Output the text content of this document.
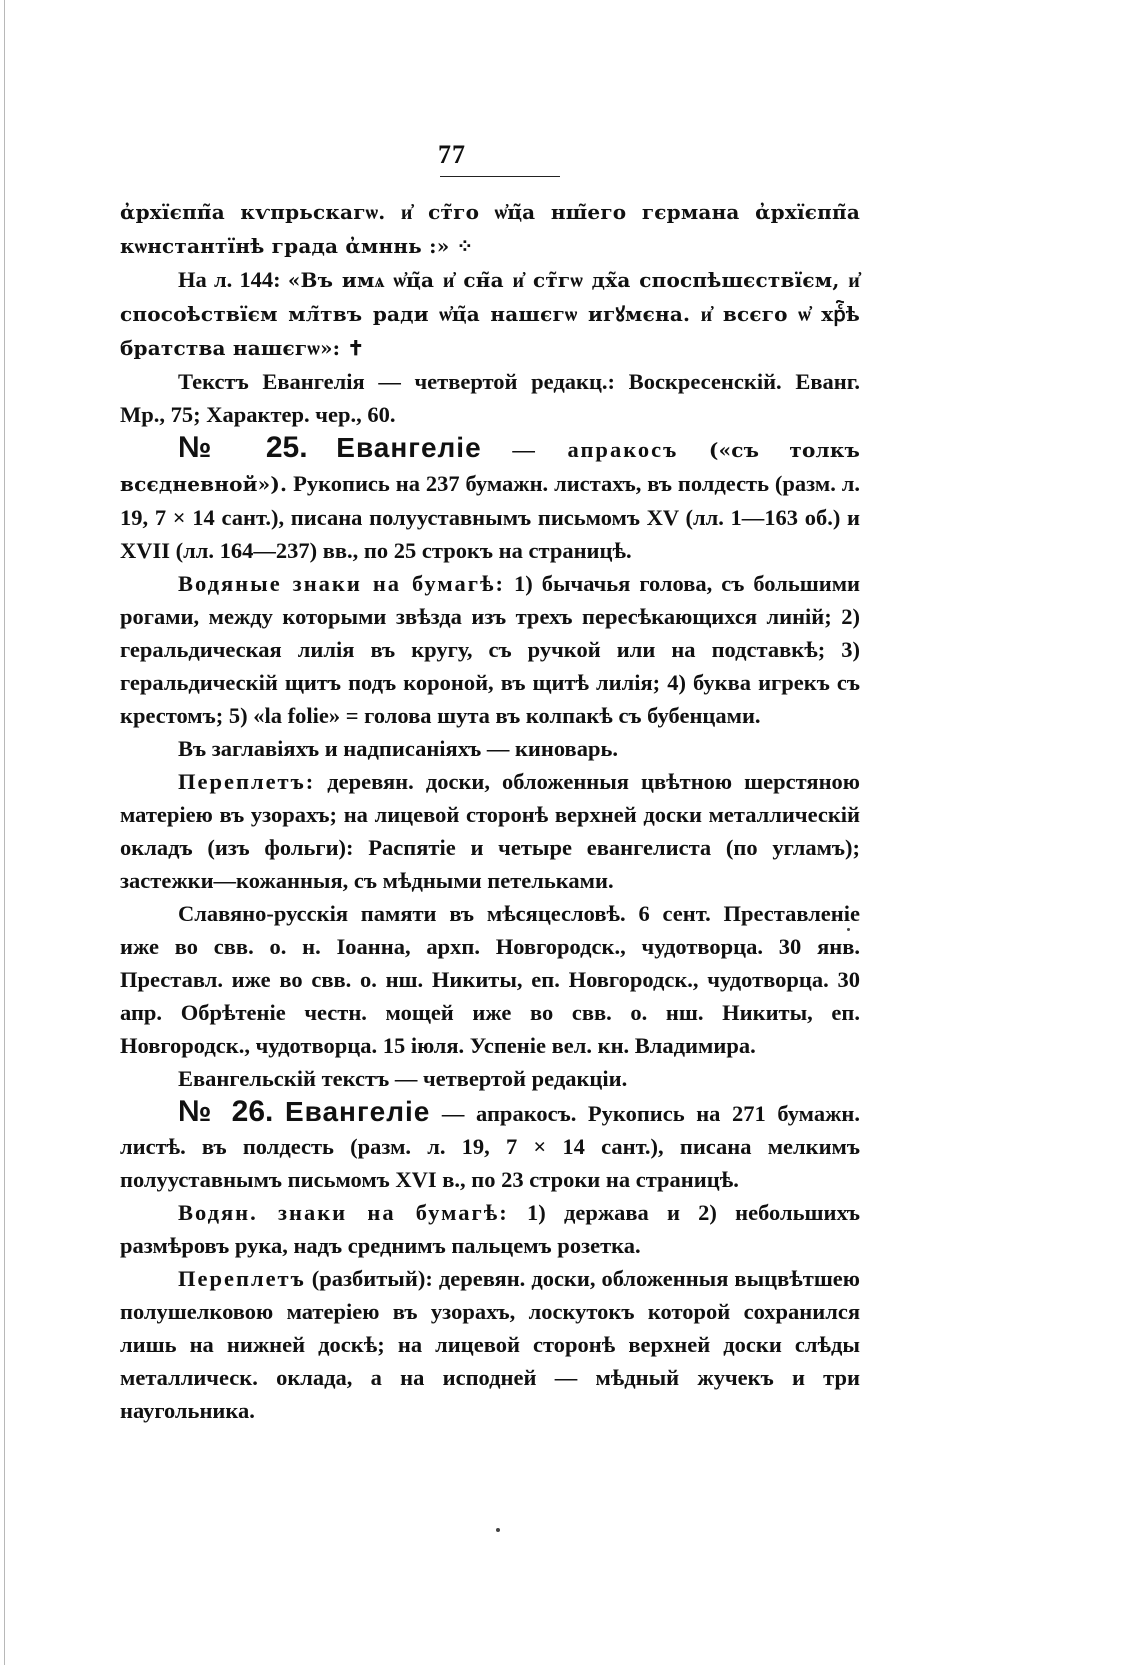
77

ἀрхїєпп̃а кѵпрьскагѡ. и҆ ст̃го ѡ҆ц̃а нш̃его гєрмана ἀрхїєпп̃а кѡнстантїнѣ града ἀмннь :» ⁘

На л. 144: «Въ имѧ ѡ҆ц̃а и҆ сн̃а и҆ ст̃гѡ дх̃а споспѣшєствїєм, и҆ спосоѣствїєм мл̃твъ ради ѡ҆ц̃а нашєгѡ игꙋмєна. и҆ всєго ѡ҆ хрⷭ҇ѣ братства нашєгѡ»: ✝

Текстъ Евангелія — четвертой редакц.: Воскресенскій. Еванг. Мр., 75; Характер. чер., 60.

№ 25. Евангеліе — апракосъ («съ толкъ всєдневной»). Рукопись на 237 бумажн. листахъ, въ полдесть (разм. л. 19, 7 × 14 сант.), писана полууставнымъ письмомъ XV (лл. 1—163 об.) и XVII (лл. 164—237) вв., по 25 строкъ на страницѣ.

Водяные знаки на бумагѣ: 1) бычачья голова, съ большими рогами, между которыми звѣзда изъ трехъ пересѣкающихся линій; 2) геральдическая лилія въ кругу, съ ручкой или на подставкѣ; 3) геральдическій щитъ подъ короной, въ щитѣ лилія; 4) буква игрекъ съ крестомъ; 5) «la folie» = голова шута въ колпакѣ съ бубенцами.

Въ заглавіяхъ и надписаніяхъ — киноварь.

Переплетъ: деревян. доски, обложенныя цвѣтною шерстяною матеріею въ узорахъ; на лицевой сторонѣ верхней доски металлическій окладъ (изъ фольги): Распятіе и четыре евангелиста (по угламъ); застежки—кожанныя, съ мѣдными петельками.

Славяно-русскія памяти въ мѣсяцесловѣ. 6 сент. Преставленіе иже во свв. о. н. Іоанна, архп. Новгородск., чудотворца. 30 янв. Преставл. иже во свв. о. нш. Никиты, еп. Новгородск., чудотворца. 30 апр. Обрѣтеніе честн. мощей иже во свв. о. нш. Никиты, еп. Новгородск., чудотворца. 15 іюля. Успеніе вел. кн. Владимира.

Евангельскій текстъ — четвертой редакціи.

№ 26. Евангеліе — апракосъ. Рукопись на 271 бумажн. листѣ. въ полдесть (разм. л. 19, 7 × 14 сант.), писана мелкимъ полууставнымъ письмомъ XVI в., по 23 строки на страницѣ.

Водян. знаки на бумагѣ: 1) держава и 2) небольшихъ размѣровъ рука, надъ среднимъ пальцемъ розетка.

Переплетъ (разбитый): деревян. доски, обложенныя выцвѣтшею полушелковою матеріею въ узорахъ, лоскутокъ которой сохранился лишь на нижней доскѣ; на лицевой сторонѣ верхней доски слѣды металлическ. оклада, а на исподней — мѣдный жучекъ и три наугольника.
